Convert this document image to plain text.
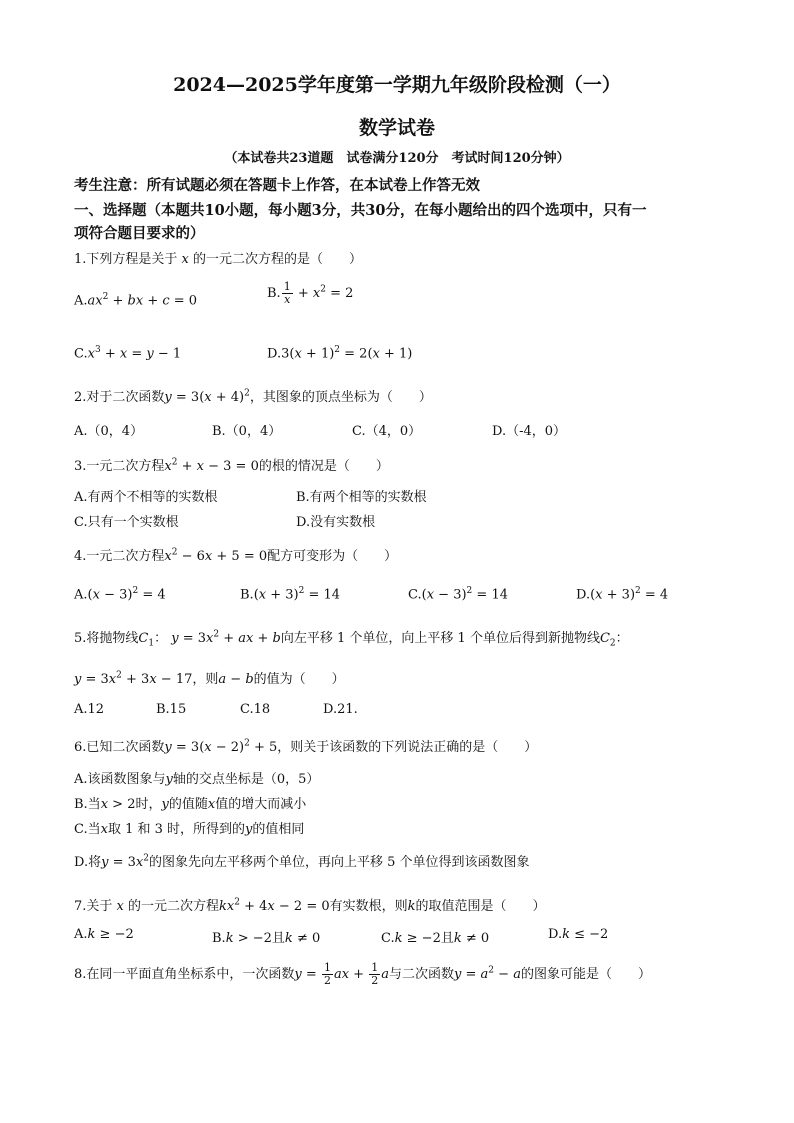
2024—2025学年度第一学期九年级阶段检测（一）
数学试卷
（本试卷共23道题　试卷满分120分　考试时间120分钟）
考生注意：所有试题必须在答题卡上作答，在本试卷上作答无效
一、选择题（本题共10小题，每小题3分，共30分，在每小题给出的四个选项中，只有一
项符合题目要求的）
1.下列方程是关于 x 的一元二次方程的是（　　）
$A.ax^2$ + bx + c = 0	B. $\frac{1}{x} + x^2 = 2$
$C.x^3 + x = y - 1$	$D.3(x + 1)^2 = 2(x + 1)$
2.对于二次函数$y = 3(x + 4)^2$，其图象的顶点坐标为（　　）
A.（0，4）	B.（0，4）	C.（4，0）	D.（-4，0）
3.一元二次方程$x^2 + x - 3 = 0$的根的情况是（　　）
A.有两个不相等的实数根	B.有两个相等的实数根
C.只有一个实数根	D.没有实数根
4.一元二次方程$x^2 - 6x + 5 = 0$配方可变形为（　　）
$A.(x - 3)^2 = 4$	$B.(x + 3)^2 = 14$	$C.(x - 3)^2 = 14$	$D.(x + 3)^2 = 4$
5.将抛物线$C_1$： $y = 3x^2$ + ax + b向左平移 1 个单位，向上平移 1 个单位后得到新抛物线$C_2$：
$y = 3x^2 + 3x - 17$，则a − b的值为（　　）
A.12	B.15	C.18	D.21.
6.已知二次函数$y = 3(x - 2)^2 + 5$，则关于该函数的下列说法正确的是（　　）
A.该函数图象与y轴的交点坐标是（0，5）
B.当x > 2时，y的值随x值的增大而减小
C.当x取 1 和 3 时，所得到的y的值相同
D.将$y = 3x^2$的图象先向左平移两个单位，再向上平移 5 个单位得到该函数图象
7.关于 x 的一元二次方程$kx^2 + 4x - 2 = 0$有实数根，则k的取值范围是（　　）
A.k ≥ −2	B.k > −2且k ≠ 0	C.k ≥ −2且k ≠ 0	D.k ≤ −2
8.在同一平面直角坐标系中，一次函数$y = \frac{1}{2}$ ax + $\frac{1}{2}$ a与二次函数$y = a^2 - a$的图象可能是（　　）
